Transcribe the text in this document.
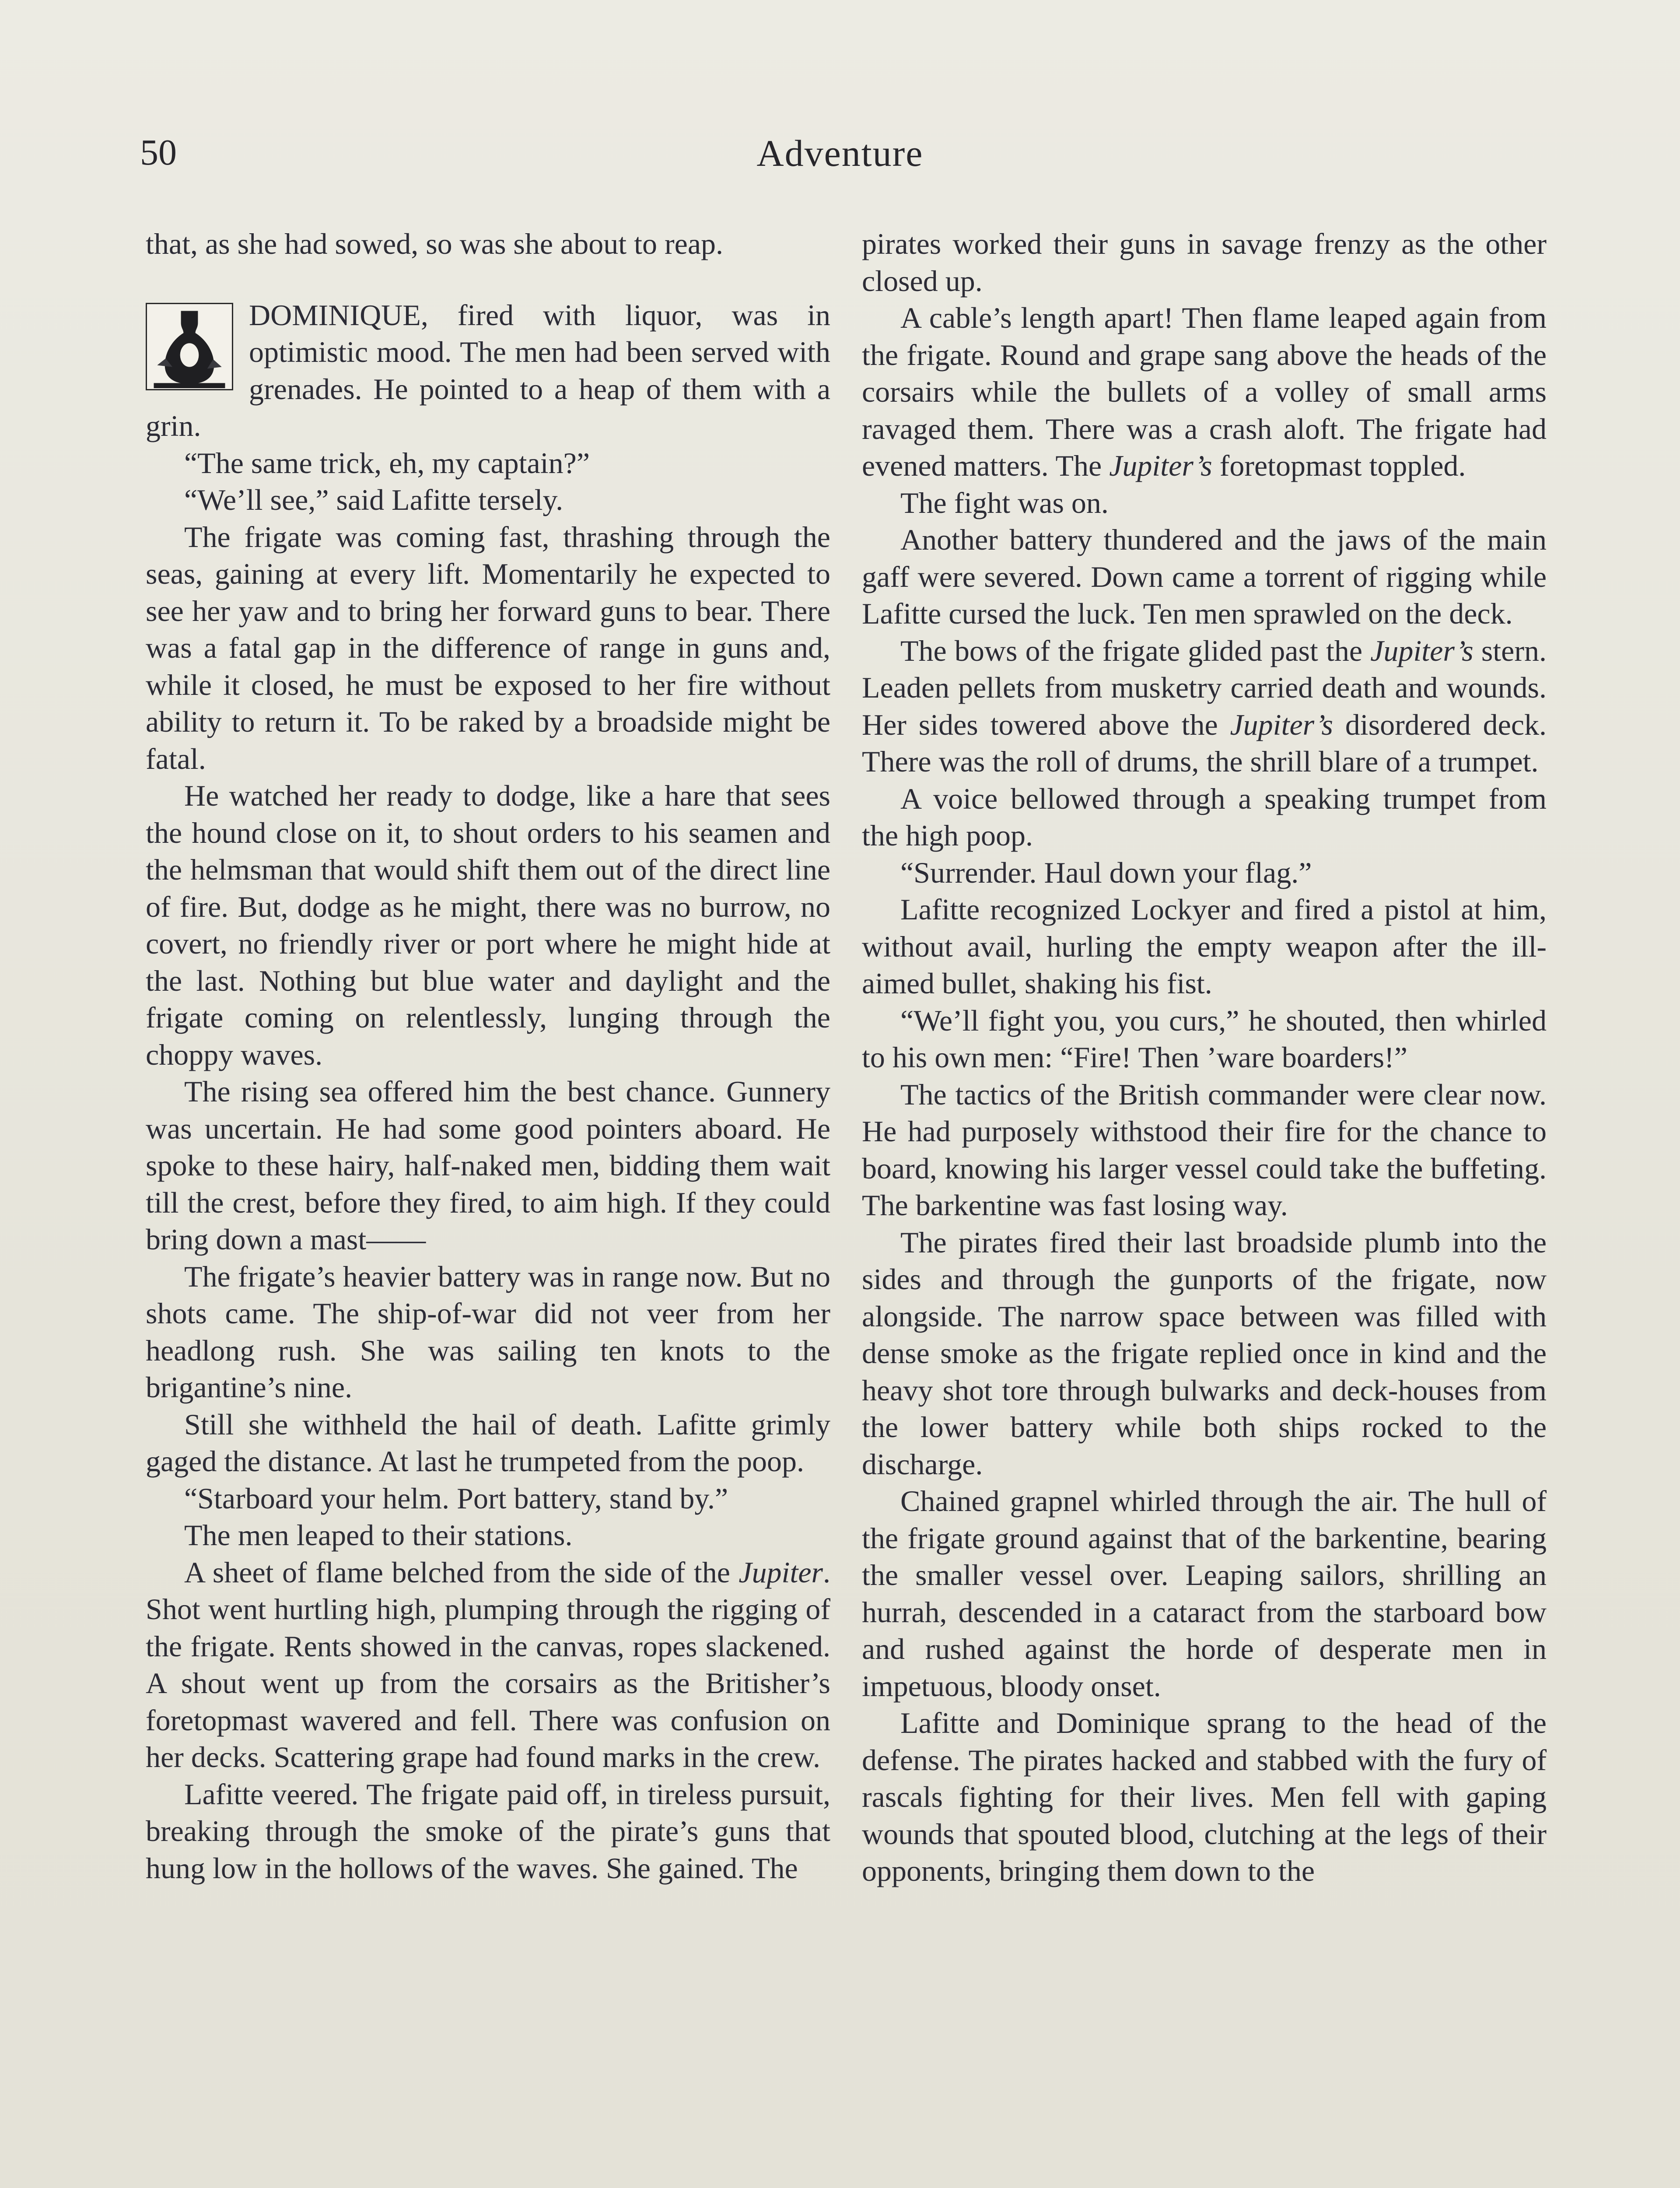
50	Adventure

that, as she had sowed, so was she about to reap.

DOMINIQUE, fired with liquor, was in optimistic mood. The men had been served with grenades. He pointed to a heap of them with a grin.

“The same trick, eh, my captain?”

“We’ll see,” said Lafitte tersely.

The frigate was coming fast, thrashing through the seas, gaining at every lift. Momentarily he expected to see her yaw and to bring her forward guns to bear. There was a fatal gap in the difference of range in guns and, while it closed, he must be exposed to her fire without ability to return it. To be raked by a broadside might be fatal.

He watched her ready to dodge, like a hare that sees the hound close on it, to shout orders to his seamen and the helmsman that would shift them out of the direct line of fire. But, dodge as he might, there was no burrow, no covert, no friendly river or port where he might hide at the last. Nothing but blue water and daylight and the frigate coming on relentlessly, lunging through the choppy waves.

The rising sea offered him the best chance. Gunnery was uncertain. He had some good pointers aboard. He spoke to these hairy, half-naked men, bidding them wait till the crest, before they fired, to aim high. If they could bring down a mast——

The frigate’s heavier battery was in range now. But no shots came. The ship-of-war did not veer from her headlong rush. She was sailing ten knots to the brigantine’s nine.

Still she withheld the hail of death. Lafitte grimly gaged the distance. At last he trumpeted from the poop.

“Starboard your helm. Port battery, stand by.”

The men leaped to their stations.

A sheet of flame belched from the side of the Jupiter. Shot went hurtling high, plumping through the rigging of the frigate. Rents showed in the canvas, ropes slackened. A shout went up from the corsairs as the Britisher’s foretopmast wavered and fell. There was confusion on her decks. Scattering grape had found marks in the crew.

Lafitte veered. The frigate paid off, in tireless pursuit, breaking through the smoke of the pirate’s guns that hung low in the hollows of the waves. She gained. The

pirates worked their guns in savage frenzy as the other closed up.

A cable’s length apart! Then flame leaped again from the frigate. Round and grape sang above the heads of the corsairs while the bullets of a volley of small arms ravaged them. There was a crash aloft. The frigate had evened matters. The Jupiter’s foretopmast toppled.

The fight was on.

Another battery thundered and the jaws of the main gaff were severed. Down came a torrent of rigging while Lafitte cursed the luck. Ten men sprawled on the deck.

The bows of the frigate glided past the Jupiter’s stern. Leaden pellets from musketry carried death and wounds. Her sides towered above the Jupiter’s disordered deck. There was the roll of drums, the shrill blare of a trumpet.

A voice bellowed through a speaking trumpet from the high poop.

“Surrender. Haul down your flag.”

Lafitte recognized Lockyer and fired a pistol at him, without avail, hurling the empty weapon after the ill-aimed bullet, shaking his fist.

“We’ll fight you, you curs,” he shouted, then whirled to his own men: “Fire! Then ’ware boarders!”

The tactics of the British commander were clear now. He had purposely withstood their fire for the chance to board, knowing his larger vessel could take the buffeting. The barkentine was fast losing way.

The pirates fired their last broadside plumb into the sides and through the gunports of the frigate, now alongside. The narrow space between was filled with dense smoke as the frigate replied once in kind and the heavy shot tore through bulwarks and deck-houses from the lower battery while both ships rocked to the discharge.

Chained grapnel whirled through the air. The hull of the frigate ground against that of the barkentine, bearing the smaller vessel over. Leaping sailors, shrilling an hurrah, descended in a cataract from the starboard bow and rushed against the horde of desperate men in impetuous, bloody onset.

Lafitte and Dominique sprang to the head of the defense. The pirates hacked and stabbed with the fury of rascals fighting for their lives. Men fell with gaping wounds that spouted blood, clutching at the legs of their opponents, bringing them down to the
